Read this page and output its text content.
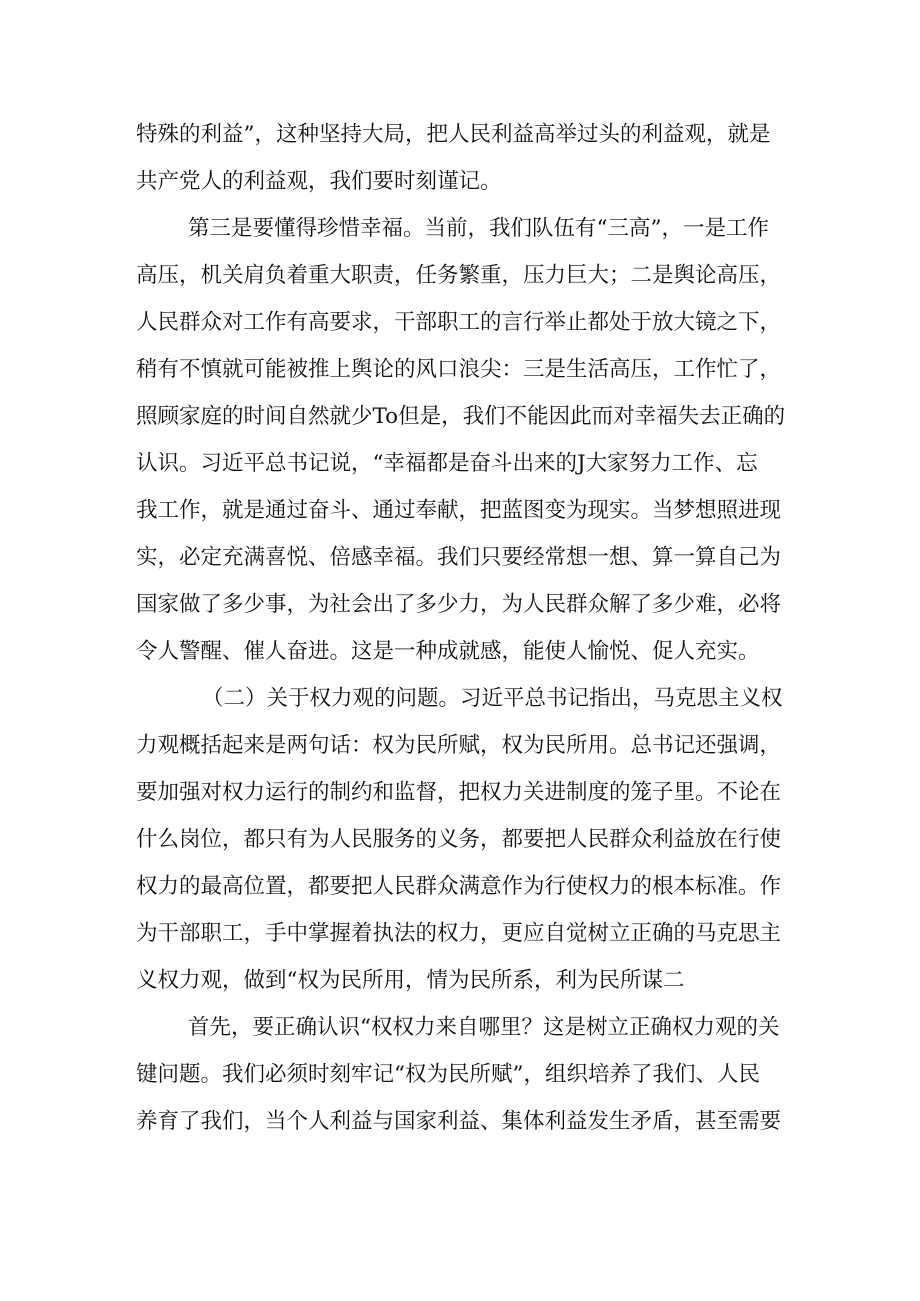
特殊的利益”，这种坚持大局，把人民利益高举过头的利益观，就是
共产党人的利益观，我们要时刻谨记。
第三是要懂得珍惜幸福。当前，我们队伍有“三高”，一是工作
高压，机关肩负着重大职责，任务繁重，压力巨大；二是舆论高压，
人民群众对工作有高要求，干部职工的言行举止都处于放大镜之下，
稍有不慎就可能被推上舆论的风口浪尖：三是生活高压，工作忙了，
照顾家庭的时间自然就少To但是，我们不能因此而对幸福失去正确的
认识。习近平总书记说，“幸福都是奋斗出来的J大家努力工作、忘
我工作，就是通过奋斗、通过奉献，把蓝图变为现实。当梦想照进现
实，必定充满喜悦、倍感幸福。我们只要经常想一想、算一算自己为
国家做了多少事，为社会出了多少力，为人民群众解了多少难，必将
令人警醒、催人奋进。这是一种成就感，能使人愉悦、促人充实。
（二）关于权力观的问题。习近平总书记指出，马克思主义权
力观概括起来是两句话：权为民所赋，权为民所用。总书记还强调，
要加强对权力运行的制约和监督，把权力关进制度的笼子里。不论在
什么岗位，都只有为人民服务的义务，都要把人民群众利益放在行使
权力的最高位置，都要把人民群众满意作为行使权力的根本标准。作
为干部职工，手中掌握着执法的权力，更应自觉树立正确的马克思主
义权力观，做到“权为民所用，情为民所系，利为民所谋二
首先，要正确认识“权权力来自哪里？这是树立正确权力观的关
键问题。我们必须时刻牢记“权为民所赋”，组织培养了我们、人民
养育了我们，当个人利益与国家利益、集体利益发生矛盾，甚至需要
